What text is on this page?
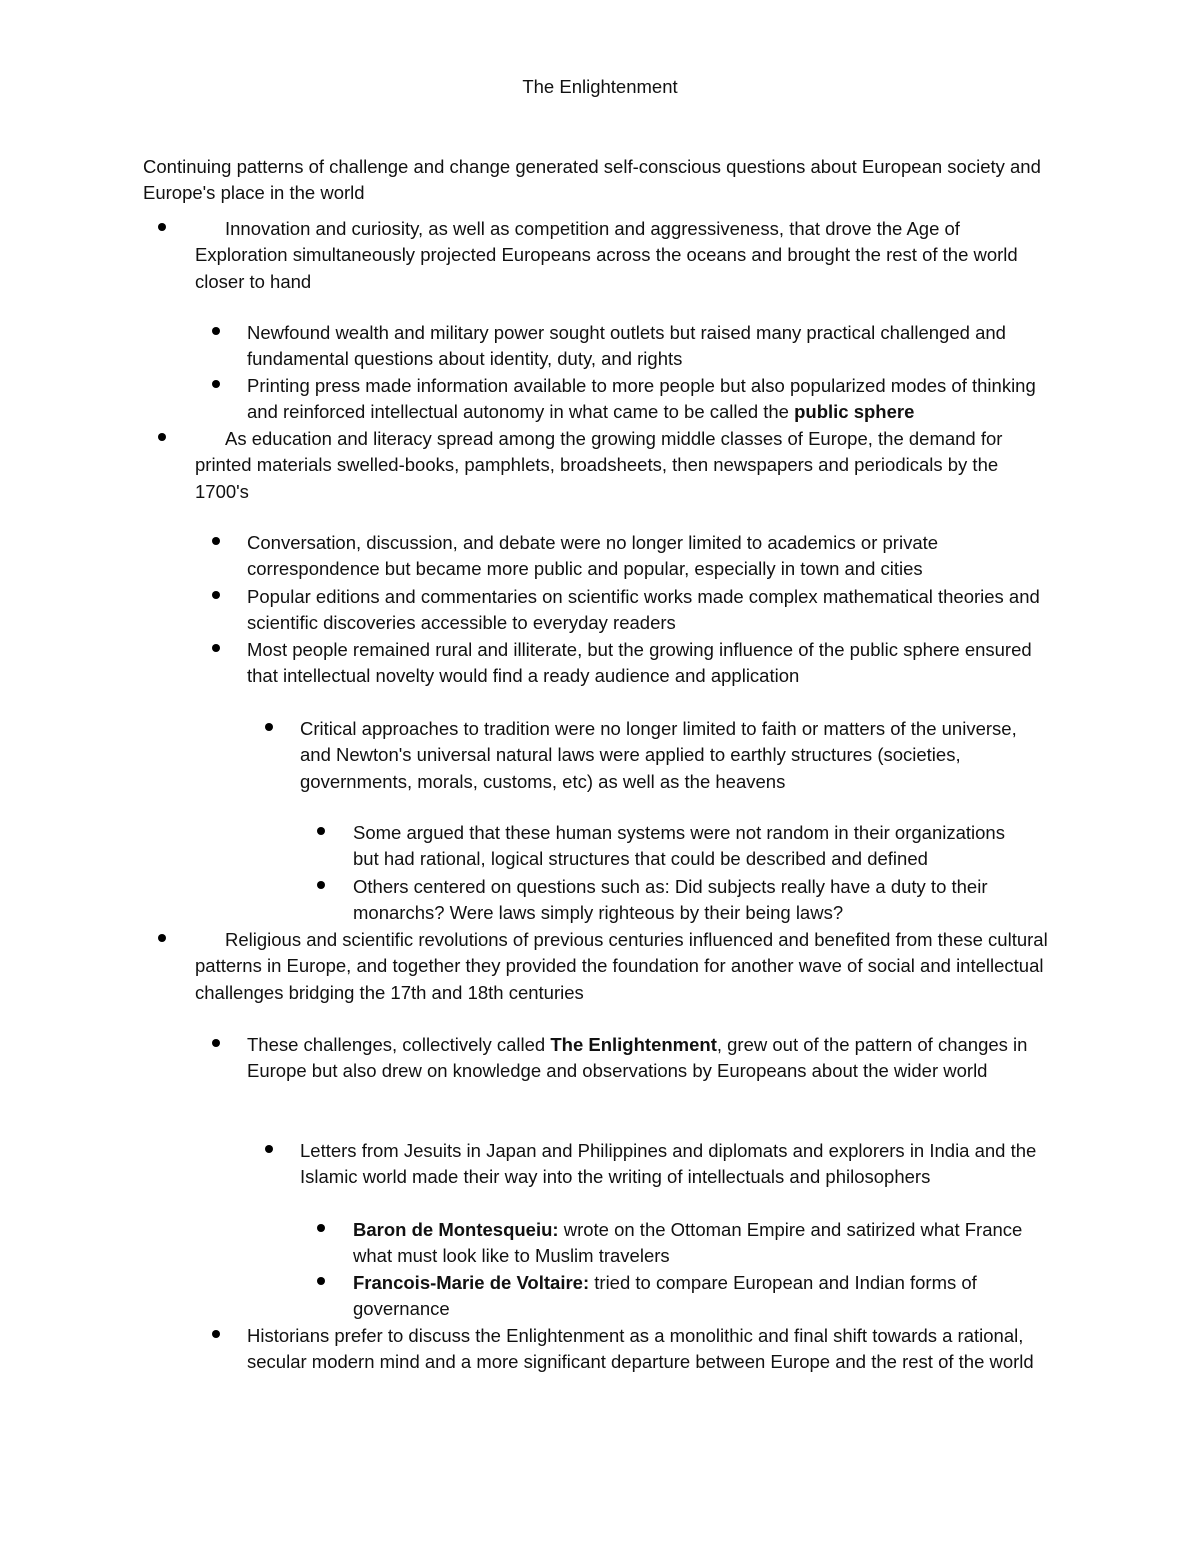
The Enlightenment
Continuing patterns of challenge and change generated self-conscious questions about European society and Europe's place in the world
Innovation and curiosity, as well as competition and aggressiveness, that drove the Age of Exploration simultaneously projected Europeans across the oceans and brought the rest of the world closer to hand
Newfound wealth and military power sought outlets but raised many practical challenged and fundamental questions about identity, duty, and rights
Printing press made information available to more people but also popularized modes of thinking and reinforced intellectual autonomy in what came to be called the public sphere
As education and literacy spread among the growing middle classes of Europe, the demand for printed materials swelled-books, pamphlets, broadsheets, then newspapers and periodicals by the 1700's
Conversation, discussion, and debate were no longer limited to academics or private correspondence but became more public and popular, especially in town and cities
Popular editions and commentaries on scientific works made complex mathematical theories and scientific discoveries accessible to everyday readers
Most people remained rural and illiterate, but the growing influence of the public sphere ensured that intellectual novelty would find a ready audience and application
Critical approaches to tradition were no longer limited to faith or matters of the universe, and Newton's universal natural laws were applied to earthly structures (societies, governments, morals, customs, etc) as well as the heavens
Some argued that these human systems were not random in their organizations but had rational, logical structures that could be described and defined
Others centered on questions such as: Did subjects really have a duty to their monarchs? Were laws simply righteous by their being laws?
Religious and scientific revolutions of previous centuries influenced and benefited from these cultural patterns in Europe, and together they provided the foundation for another wave of social and intellectual challenges bridging the 17th and 18th centuries
These challenges, collectively called The Enlightenment, grew out of the pattern of changes in Europe but also drew on knowledge and observations by Europeans about the wider world
Letters from Jesuits in Japan and Philippines and diplomats and explorers in India and the Islamic world made their way into the writing of intellectuals and philosophers
Baron de Montesqueiu: wrote on the Ottoman Empire and satirized what France what must look like to Muslim travelers
Francois-Marie de Voltaire: tried to compare European and Indian forms of governance
Historians prefer to discuss the Enlightenment as a monolithic and final shift towards a rational, secular modern mind and a more significant departure between Europe and the rest of the world
